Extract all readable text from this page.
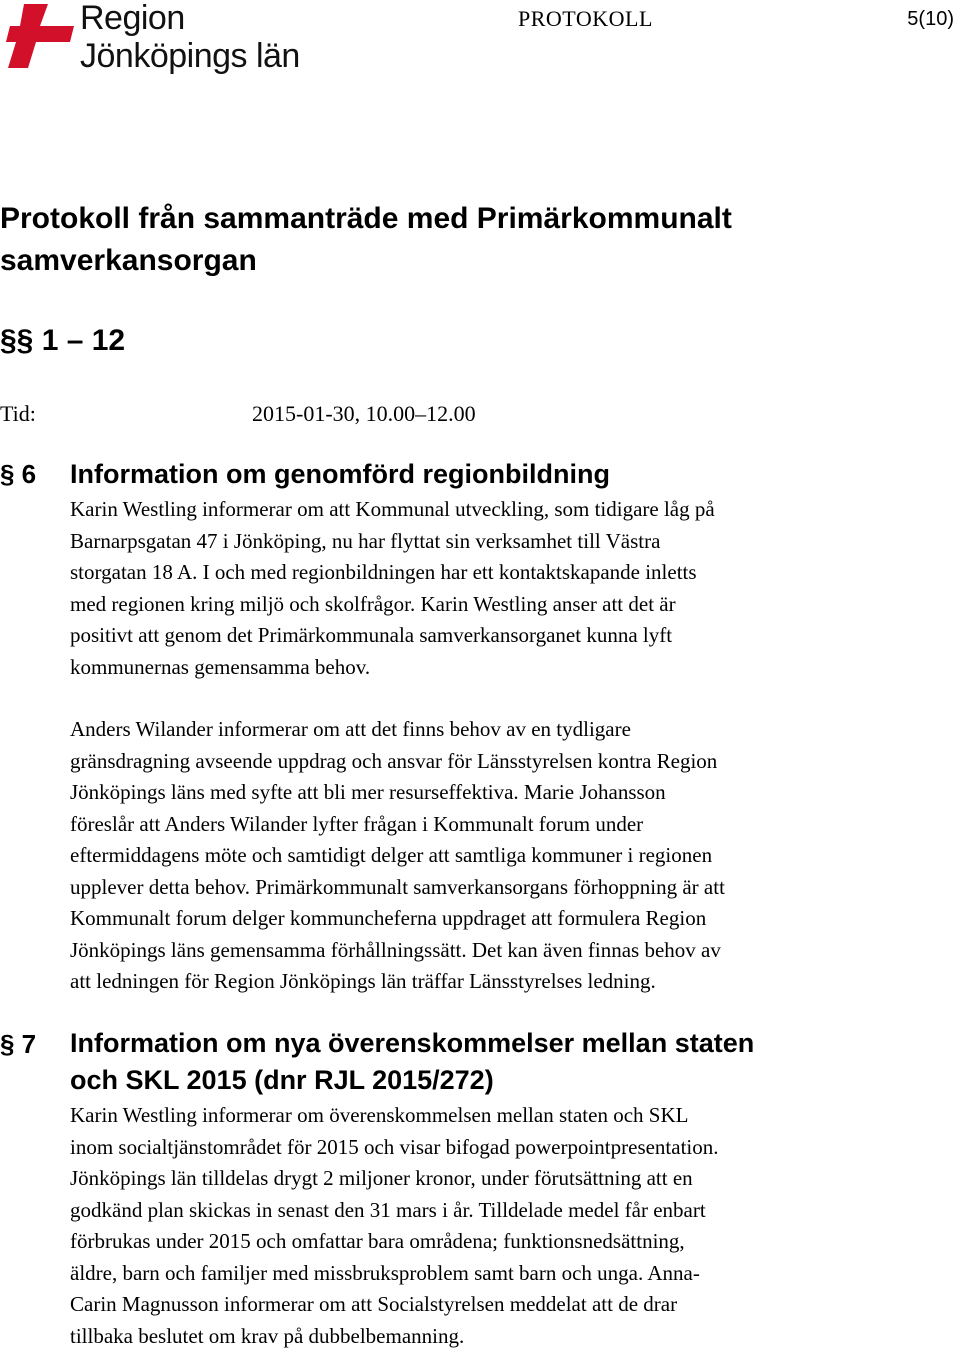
Region
Jönköpings län
PROTOKOLL	5(10)
Protokoll från sammanträde med Primärkommunalt
samverkansorgan
§§ 1 – 12
Tid:	2015-01-30, 10.00–12.00
§ 6 Information om genomförd regionbildning
Karin Westling informerar om att Kommunal utveckling, som tidigare låg på
Barnarpsgatan 47 i Jönköping, nu har flyttat sin verksamhet till Västra
storgatan 18 A. I och med regionbildningen har ett kontaktskapande inletts
med regionen kring miljö och skolfrågor. Karin Westling anser att det är
positivt att genom det Primärkommunala samverkansorganet kunna lyft
kommunernas gemensamma behov.
Anders Wilander informerar om att det finns behov av en tydligare
gränsdragning avseende uppdrag och ansvar för Länsstyrelsen kontra Region
Jönköpings läns med syfte att bli mer resurseffektiva. Marie Johansson
föreslår att Anders Wilander lyfter frågan i Kommunalt forum under
eftermiddagens möte och samtidigt delger att samtliga kommuner i regionen
upplever detta behov. Primärkommunalt samverkansorgans förhoppning är att
Kommunalt forum delger kommuncheferna uppdraget att formulera Region
Jönköpings läns gemensamma förhållningssätt. Det kan även finnas behov av
att ledningen för Region Jönköpings län träffar Länsstyrelses ledning.
§ 7 Information om nya överenskommelser mellan staten
och SKL 2015 (dnr RJL 2015/272)
Karin Westling informerar om överenskommelsen mellan staten och SKL
inom socialtjänstområdet för 2015 och visar bifogad powerpointpresentation.
Jönköpings län tilldelas drygt 2 miljoner kronor, under förutsättning att en
godkänd plan skickas in senast den 31 mars i år. Tilldelade medel får enbart
förbrukas under 2015 och omfattar bara områdena; funktionsnedsättning,
äldre, barn och familjer med missbruksproblem samt barn och unga. Anna-
Carin Magnusson informerar om att Socialstyrelsen meddelat att de drar
tillbaka beslutet om krav på dubbelbemanning.
